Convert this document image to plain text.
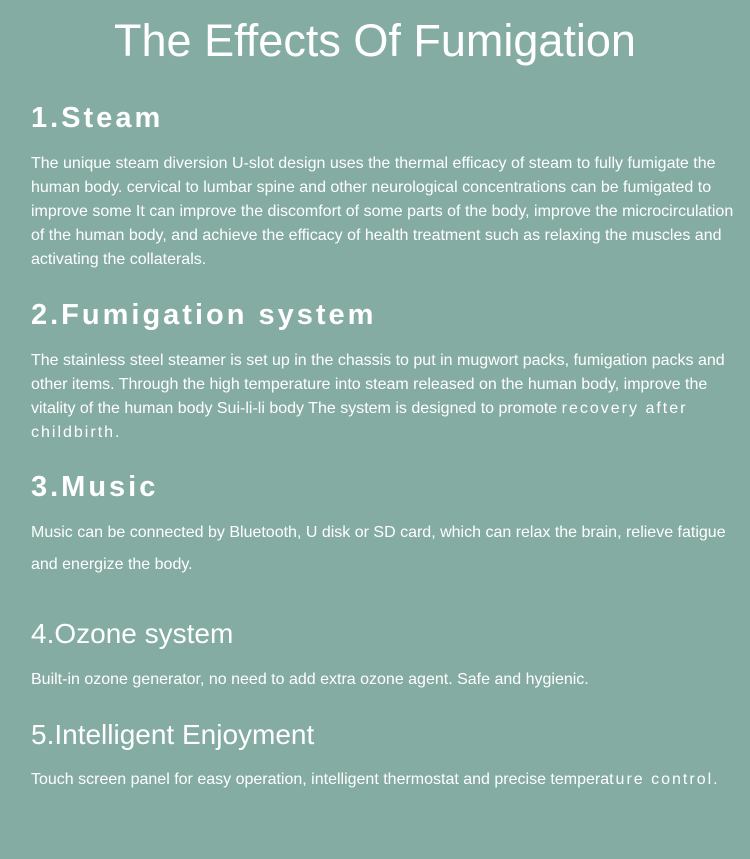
The Effects Of Fumigation
1.Steam

The unique steam diversion U-slot design uses the thermal efficacy of steam to fully fumigate the human body. cervical to lumbar spine and other neurological concentrations can be fumigated to improve some It can improve the discomfort of some parts of the body, improve the microcirculation of the human body, and achieve the efficacy of health treatment such as relaxing the muscles and activating the collaterals.

2.Fumigation system

The stainless steel steamer is set up in the chassis to put in mugwort packs, fumigation packs and other items. Through the high temperature into steam released on the human body, improve the vitality of the human body Sui-li-li body The system is designed to promote recovery after childbirth.

3.Music

Music can be connected by Bluetooth, U disk or SD card, which can relax the brain, relieve fatigue and energize the body.

4.Ozone system

Built-in ozone generator, no need to add extra ozone agent. Safe and hygienic.

5.Intelligent Enjoyment

Touch screen panel for easy operation, intelligent thermostat and precise temperature control.
